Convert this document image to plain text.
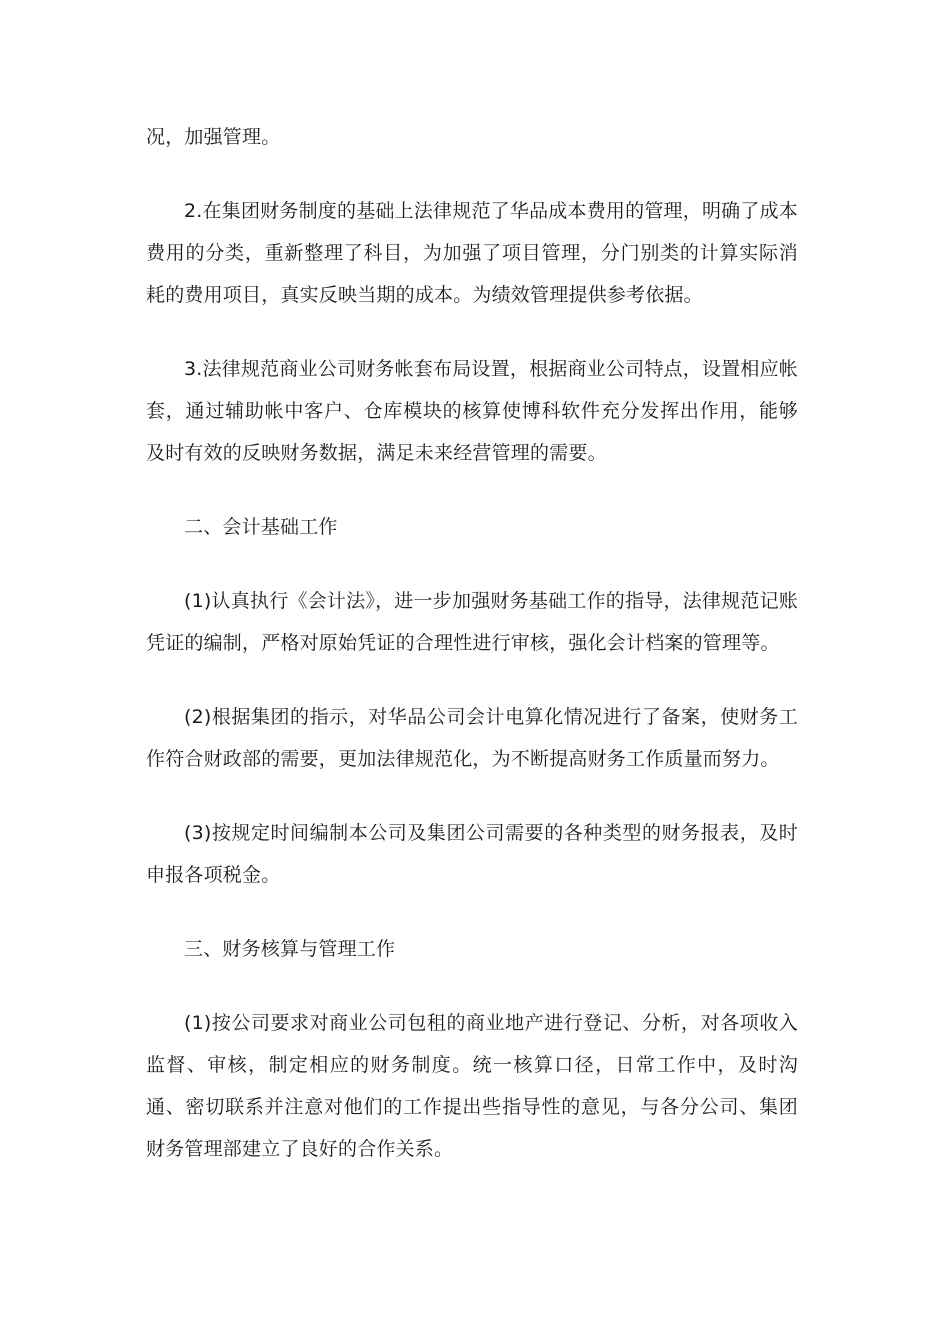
况，加强管理。

2.在集团财务制度的基础上法律规范了华品成本费用的管理，明确了成本费用的分类，重新整理了科目，为加强了项目管理，分门别类的计算实际消耗的费用项目，真实反映当期的成本。为绩效管理提供参考依据。

3.法律规范商业公司财务帐套布局设置，根据商业公司特点，设置相应帐套，通过辅助帐中客户、仓库模块的核算使博科软件充分发挥出作用，能够及时有效的反映财务数据，满足未来经营管理的需要。

二、会计基础工作

(1)认真执行《会计法》，进一步加强财务基础工作的指导，法律规范记账凭证的编制，严格对原始凭证的合理性进行审核，强化会计档案的管理等。

(2)根据集团的指示，对华品公司会计电算化情况进行了备案，使财务工作符合财政部的需要，更加法律规范化，为不断提高财务工作质量而努力。

(3)按规定时间编制本公司及集团公司需要的各种类型的财务报表，及时申报各项税金。

三、财务核算与管理工作

(1)按公司要求对商业公司包租的商业地产进行登记、分析，对各项收入监督、审核，制定相应的财务制度。统一核算口径，日常工作中，及时沟通、密切联系并注意对他们的工作提出些指导性的意见，与各分公司、集团财务管理部建立了良好的合作关系。
